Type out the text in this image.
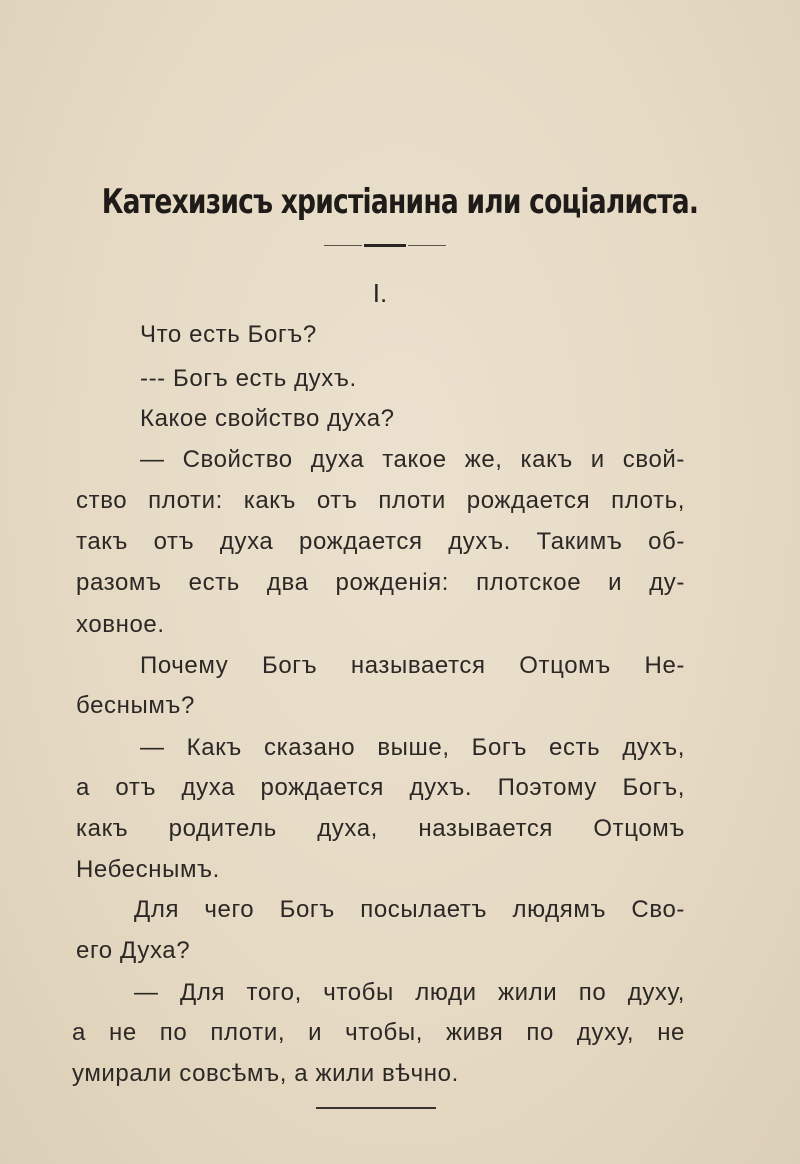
Катехизисъ христiанина или соцiалиста.
I.
Что есть Богъ?
--- Богъ есть духъ.
Какое свойство духа?
— Свойство духа такое же, какъ и свой-
ство плоти: какъ отъ плоти рождается плоть,
такъ отъ духа рождается духъ. Такимъ об-
разомъ есть два рожденiя: плотское и ду-
ховное.
Почему Богъ называется Отцомъ Не-
беснымъ?
— Какъ сказано выше, Богъ есть духъ,
а отъ духа рождается духъ. Поэтому Богъ,
какъ родитель духа, называется Отцомъ
Небеснымъ.
Для чего Богъ посылаетъ людямъ Сво-
его Духа?
— Для того, чтобы люди жили по духу,
а не по плоти, и чтобы, живя по духу, не
умирали совсѣмъ, а жили вѣчно.
